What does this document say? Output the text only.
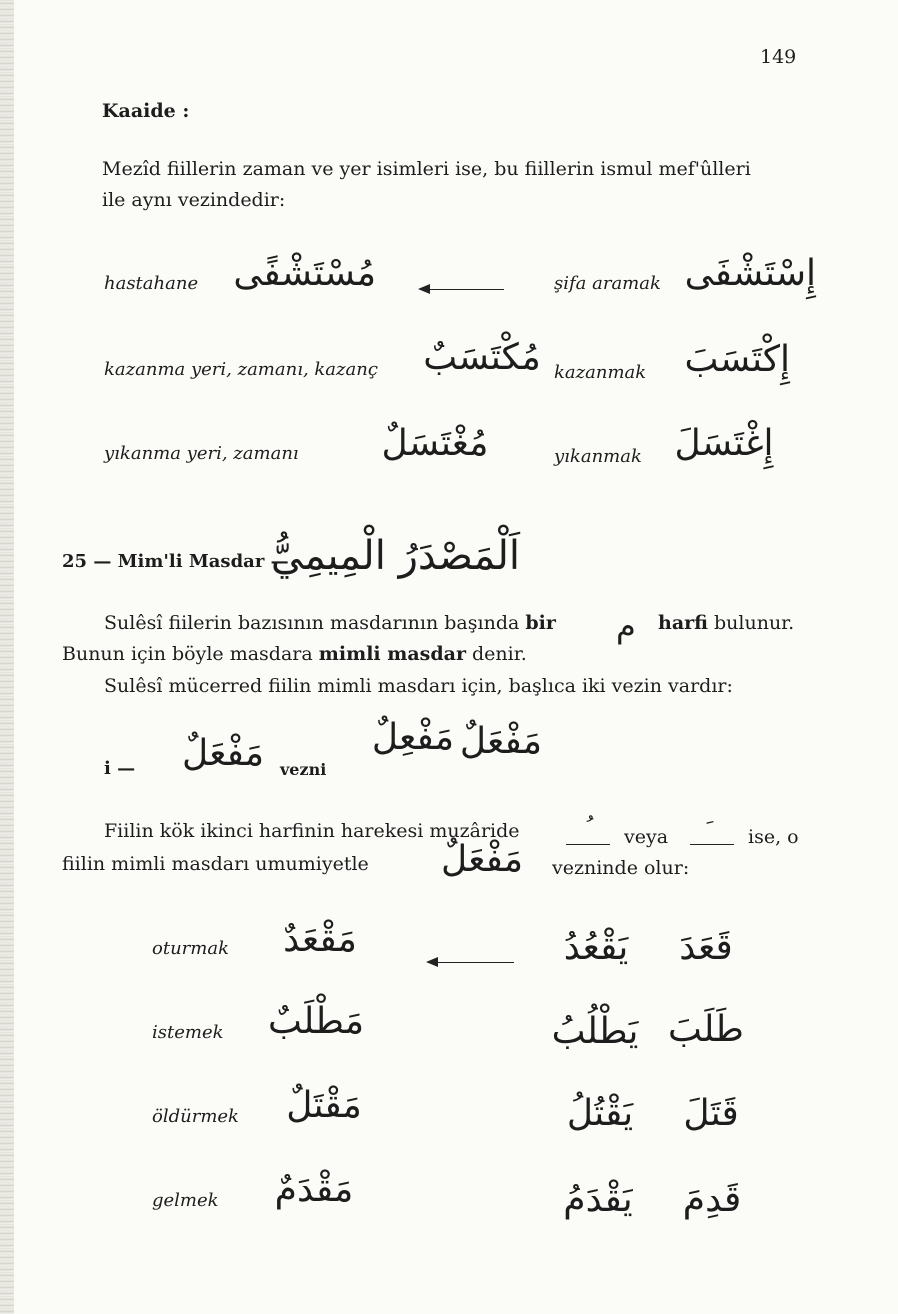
149
Kaaide :
Mezîd fiillerin zaman ve yer isimleri ise, bu fiillerin ismul mef'ûlleri
ile aynı vezindedir:
hastahane مُسْتَشْفًى	şifa aramak إِسْتَشْفَى
kazanma yeri, zamanı, kazanç مُكْتَسَبٌ kazanmak إِكْتَسَبَ
yıkanma yeri, zamanı	مُغْتَسَلٌ	yıkanmak إِغْتَسَلَ
25 — Mim'li Masdar —
اَلْمَصْدَرُ الْمِيمِيُّ
Sulêsî fiilerin bazısının masdarının başında bir م harfi bulunur.
Bunun için böyle masdara mimli masdar denir.
Sulêsî mücerred fiilin mimli masdarı için, başlıca iki vezin vardır:
i —	مَفْعَلٌ vezni
مَفْعِلٌ مَفْعَلٌ
Fiilin kök ikinci harfinin harekesi muzâride	veya	ise, o
fiilin mimli masdarı umumiyetle	مَفْعَلٌ	vezninde olur:
oturmak	مَقْعَدٌ	يَقْعُدُ	قَعَدَ
istemek مَطْلَبٌ	يَطْلُبُ طَلَبَ
öldürmek	مَقْتَلٌ	يَقْتُلُ قَتَلَ
gelmek	مَقْدَمٌ	يَقْدَمُ	قَدِمَ
